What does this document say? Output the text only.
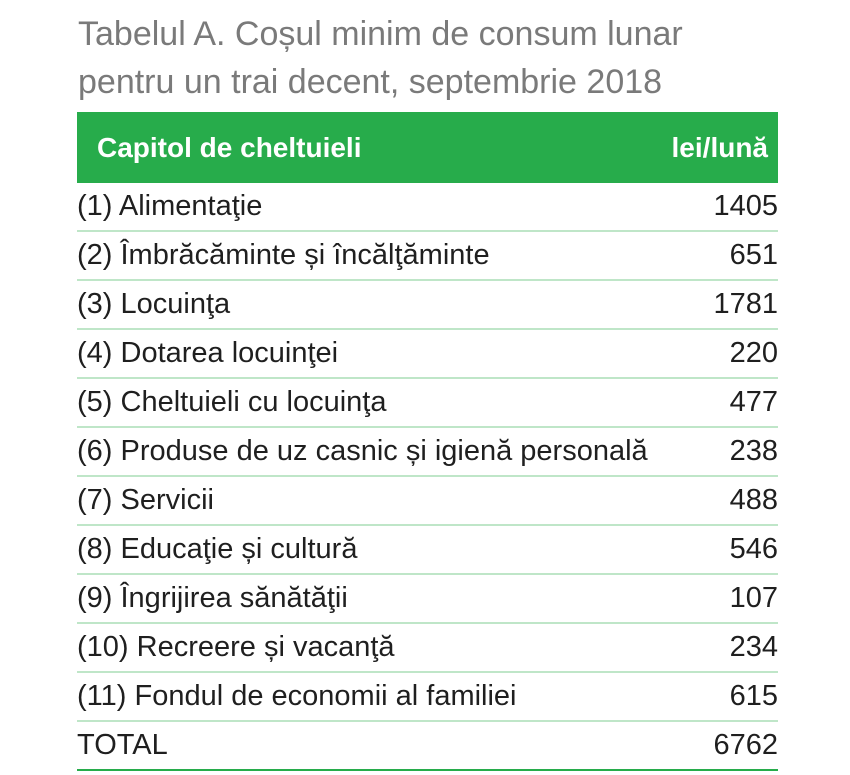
Tabelul A. Coșul minim de consum lunar
pentru un trai decent, septembrie 2018
Capitol de cheltuieli	lei/lună
(1) Alimentaţie	1405
(2) Îmbrăcăminte și încălţăminte	651
(3) Locuinţa	1781
(4) Dotarea locuinţei	220
(5) Cheltuieli cu locuinţa	477
(6) Produse de uz casnic și igienă personală	238
(7) Servicii	488
(8) Educaţie și cultură	546
(9) Îngrijirea sănătăţii	107
(10) Recreere și vacanţă	234
(11) Fondul de economii al familiei	615
TOTAL	6762
